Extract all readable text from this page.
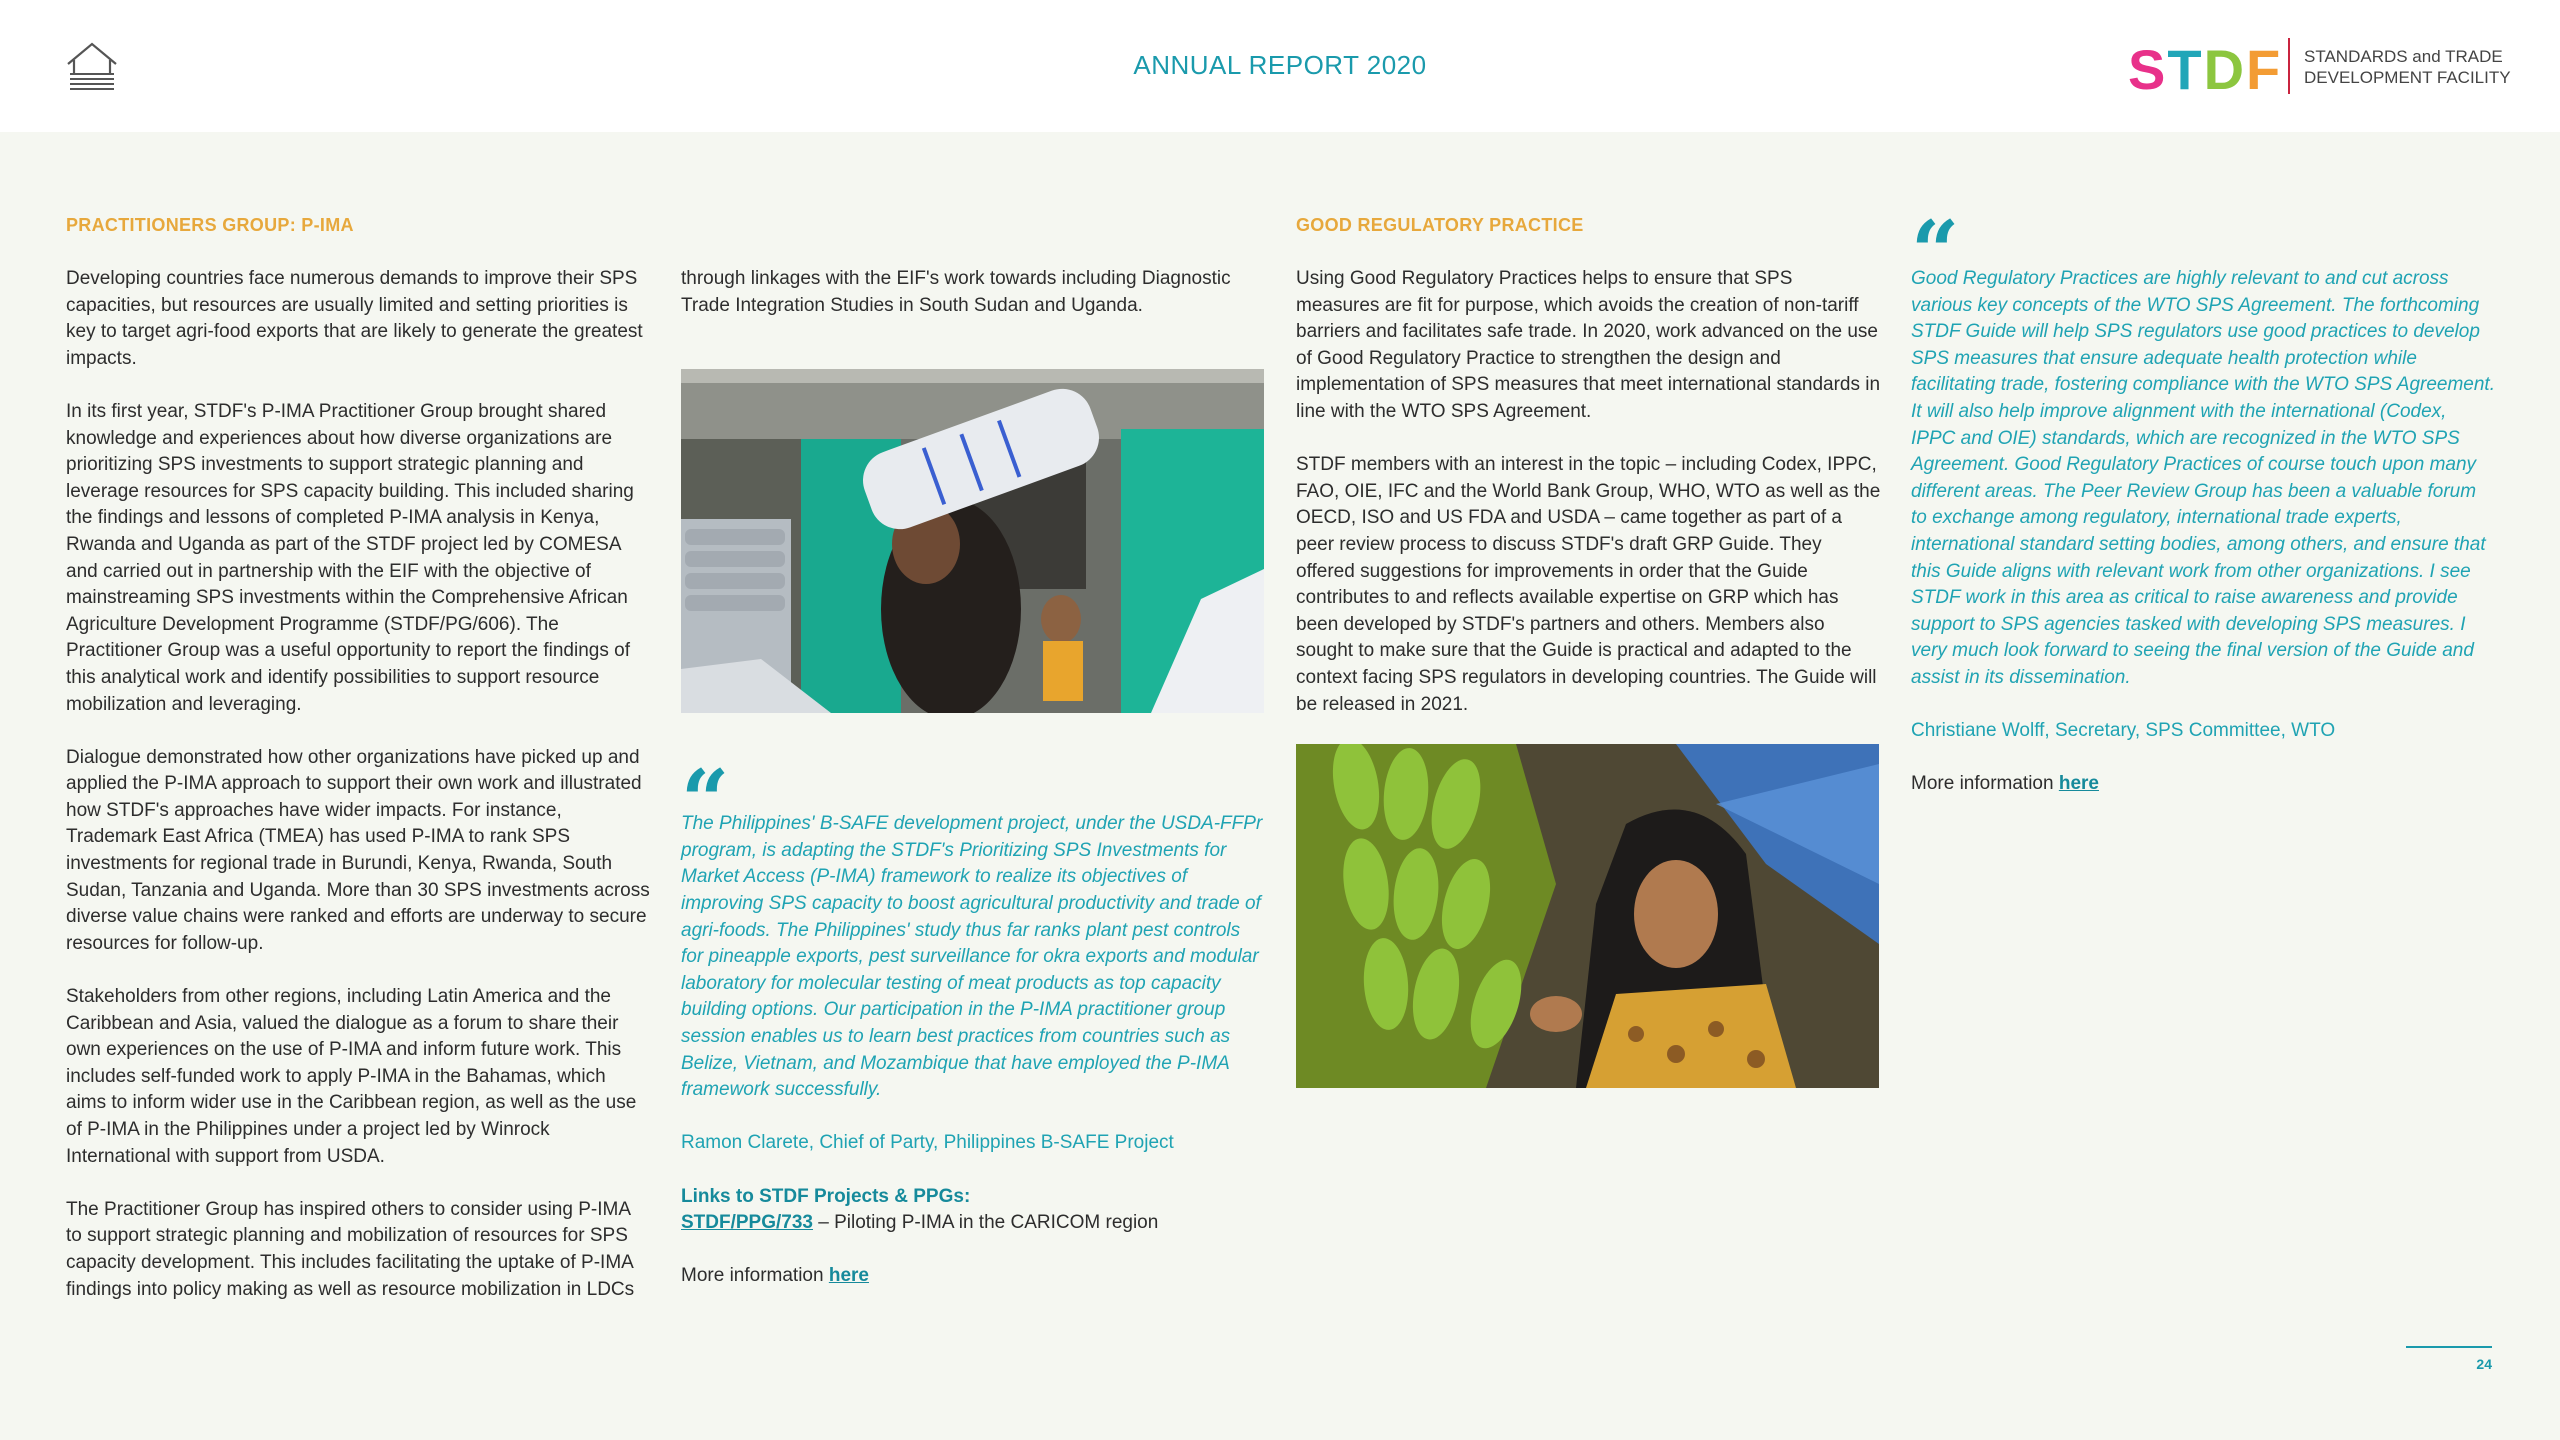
ANNUAL REPORT 2020	STDF STANDARDS and TRADE
DEVELOPMENT FACILITY
PRACTITIONERS GROUP: P-IMA

Developing countries face numerous demands to improve their SPS capacities, but resources are usually limited and setting priorities is key to target agri-food exports that are likely to generate the greatest impacts.

In its first year, STDF's P-IMA Practitioner Group brought shared knowledge and experiences about how diverse organizations are prioritizing SPS investments to support strategic planning and leverage resources for SPS capacity building. This included sharing the findings and lessons of completed P-IMA analysis in Kenya, Rwanda and Uganda as part of the STDF project led by COMESA and carried out in partnership with the EIF with the objective of mainstreaming SPS investments within the Comprehensive African Agriculture Development Programme (STDF/PG/606). The Practitioner Group was a useful opportunity to report the findings of this analytical work and identify possibilities to support resource mobilization and leveraging.

Dialogue demonstrated how other organizations have picked up and applied the P-IMA approach to support their own work and illustrated how STDF's approaches have wider impacts. For instance, Trademark East Africa (TMEA) has used P-IMA to rank SPS investments for regional trade in Burundi, Kenya, Rwanda, South Sudan, Tanzania and Uganda. More than 30 SPS investments across diverse value chains were ranked and efforts are underway to secure resources for follow-up.

Stakeholders from other regions, including Latin America and the Caribbean and Asia, valued the dialogue as a forum to share their own experiences on the use of P-IMA and inform future work. This includes self-funded work to apply P-IMA in the Bahamas, which aims to inform wider use in the Caribbean region, as well as the use of P-IMA in the Philippines under a project led by Winrock International with support from USDA.

The Practitioner Group has inspired others to consider using P-IMA to support strategic planning and mobilization of resources for SPS capacity development. This includes facilitating the uptake of P-IMA findings into policy making as well as resource mobilization in LDCs

through linkages with the EIF's work towards including Diagnostic Trade Integration Studies in South Sudan and Uganda.

“

The Philippines' B-SAFE development project, under the USDA-FFPr program, is adapting the STDF's Prioritizing SPS Investments for Market Access (P-IMA) framework to realize its objectives of improving SPS capacity to boost agricultural productivity and trade of agri-foods. The Philippines' study thus far ranks plant pest controls for pineapple exports, pest surveillance for okra exports and modular laboratory for molecular testing of meat products as top capacity building options. Our participation in the P-IMA practitioner group session enables us to learn best practices from countries such as Belize, Vietnam, and Mozambique that have employed the P-IMA framework successfully.

Ramon Clarete, Chief of Party, Philippines B-SAFE Project

Links to STDF Projects & PPGs:
STDF/PPG/733 – Piloting P-IMA in the CARICOM region

More information here

GOOD REGULATORY PRACTICE

Using Good Regulatory Practices helps to ensure that SPS measures are fit for purpose, which avoids the creation of non-tariff barriers and facilitates safe trade. In 2020, work advanced on the use of Good Regulatory Practice to strengthen the design and implementation of SPS measures that meet international standards in line with the WTO SPS Agreement.

STDF members with an interest in the topic – including Codex, IPPC, FAO, OIE, IFC and the World Bank Group, WHO, WTO as well as the OECD, ISO and US FDA and USDA – came together as part of a peer review process to discuss STDF's draft GRP Guide. They offered suggestions for improvements in order that the Guide contributes to and reflects available expertise on GRP which has been developed by STDF's partners and others. Members also sought to make sure that the Guide is practical and adapted to the context facing SPS regulators in developing countries. The Guide will be released in 2021.

“

Good Regulatory Practices are highly relevant to and cut across various key concepts of the WTO SPS Agreement. The forthcoming STDF Guide will help SPS regulators use good practices to develop SPS measures that ensure adequate health protection while facilitating trade, fostering compliance with the WTO SPS Agreement. It will also help improve alignment with the international (Codex, IPPC and OIE) standards, which are recognized in the WTO SPS Agreement. Good Regulatory Practices of course touch upon many different areas. The Peer Review Group has been a valuable forum to exchange among regulatory, international trade experts, international standard setting bodies, among others, and ensure that this Guide aligns with relevant work from other organizations. I see STDF work in this area as critical to raise awareness and provide support to SPS agencies tasked with developing SPS measures. I very much look forward to seeing the final version of the Guide and assist in its dissemination.

Christiane Wolff, Secretary, SPS Committee, WTO

More information here

24
